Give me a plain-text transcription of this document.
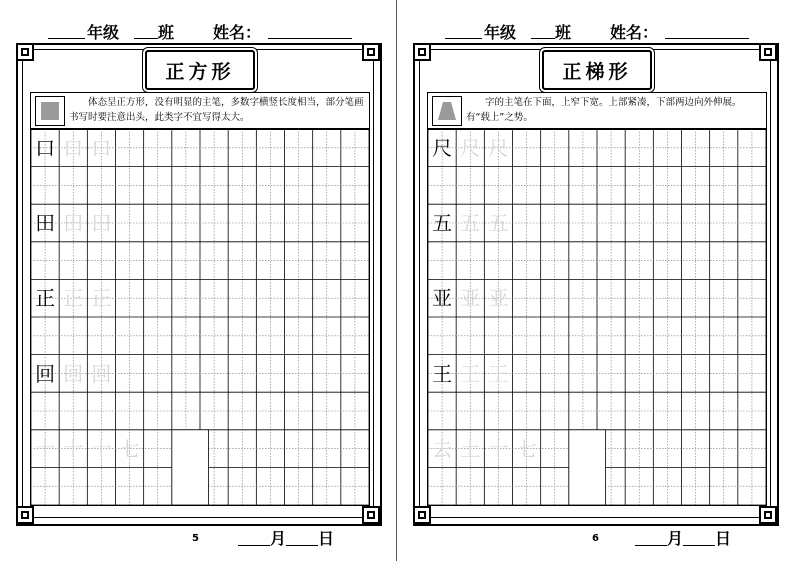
年级 班 姓名：
正方形
体态呈正方形，没有明显的主笔，多数字横竖长度相当，部分笔画书写时要注意出头，此类字不宜写得太大。
口 口 口
田 田 田
正 正 正
回 回 回
十 十 十 七
5	月 日
年级 班 姓名：
正梯形
字的主笔在下面，上窄下宽。上部紧凑，下部两边向外伸展。有“载上”之势。
尺 尺 尺
五 五 五
亚 亚 亚
王 王 王
去 土 十 七
6	月 日
